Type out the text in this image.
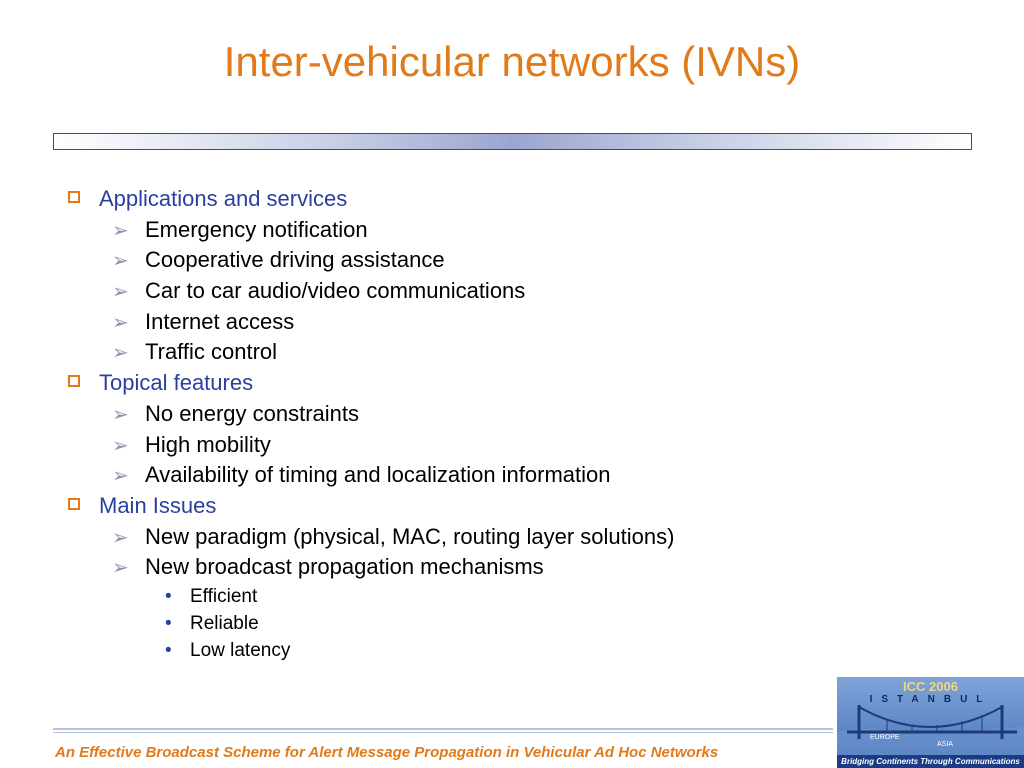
Inter-vehicular networks (IVNs)
Applications and services
➢ Emergency notification
➢ Cooperative driving assistance
➢ Car to car audio/video communications
➢ Internet access
➢ Traffic control
Topical features
➢ No energy constraints
➢ High mobility
➢ Availability of timing and localization information
Main Issues
➢ New paradigm (physical, MAC, routing layer solutions)
➢ New broadcast propagation mechanisms
• Efficient
• Reliable
• Low latency
An Effective Broadcast Scheme for Alert Message Propagation in Vehicular Ad Hoc Networks
ICC 2006
ISTANBUL
EUROPE
ASIA
Bridging Continents Through Communications
